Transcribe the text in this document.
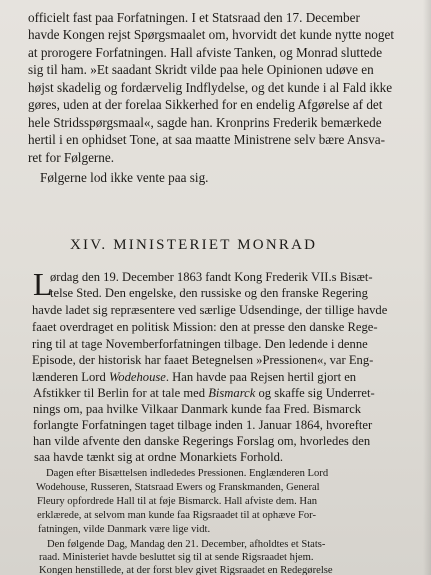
officielt fast paa Forfatningen. I et Statsraad den 17. December
havde Kongen rejst Spørgsmaalet om, hvorvidt det kunde nytte noget
at prorogere Forfatningen. Hall afviste Tanken, og Monrad sluttede
sig til ham. »Et saadant Skridt vilde paa hele Opinionen udøve en
højst skadelig og fordærvelig Indflydelse, og det kunde i al Fald ikke
gøres, uden at der forelaa Sikkerhed for en endelig Afgørelse af det
hele Stridsspørgsmaal«, sagde han. Kronprins Frederik bemærkede
hertil i en ophidset Tone, at saa maatte Ministrene selv bære Ansva-
ret for Følgerne.
Følgerne lod ikke vente paa sig.
XIV. MINISTERIET MONRAD
L
ørdag den 19. December 1863 fandt Kong Frederik VII.s Bisæt-
telse Sted. Den engelske, den russiske og den franske Regering
havde ladet sig repræsentere ved særlige Udsendinge, der tillige havde
faaet overdraget en politisk Mission: den at presse den danske Rege-
ring til at tage Novemberforfatningen tilbage. Den ledende i denne
Episode, der historisk har faaet Betegnelsen »Pressionen«, var Eng-
lænderen Lord Wodehouse. Han havde paa Rejsen hertil gjort en
Afstikker til Berlin for at tale med Bismarck og skaffe sig Underret-
nings om, paa hvilke Vilkaar Danmark kunde faa Fred. Bismarck
forlangte Forfatningen taget tilbage inden 1. Januar 1864, hvorefter
han vilde afvente den danske Regerings Forslag om, hvorledes den
saa havde tænkt sig at ordne Monarkiets Forhold.
Dagen efter Bisættelsen indlededes Pressionen. Englænderen Lord
Wodehouse, Russeren, Statsraad Ewers og Franskmanden, General
Fleury opfordrede Hall til at føje Bismarck. Hall afviste dem. Han
erklærede, at selvom man kunde faa Rigsraadet til at ophæve For-
fatningen, vilde Danmark være lige vidt.
Den følgende Dag, Mandag den 21. December, afholdtes et Stats-
raad. Ministeriet havde besluttet sig til at sende Rigsraadet hjem.
Kongen henstillede, at der forst blev givet Rigsraadet en Redegørelse
